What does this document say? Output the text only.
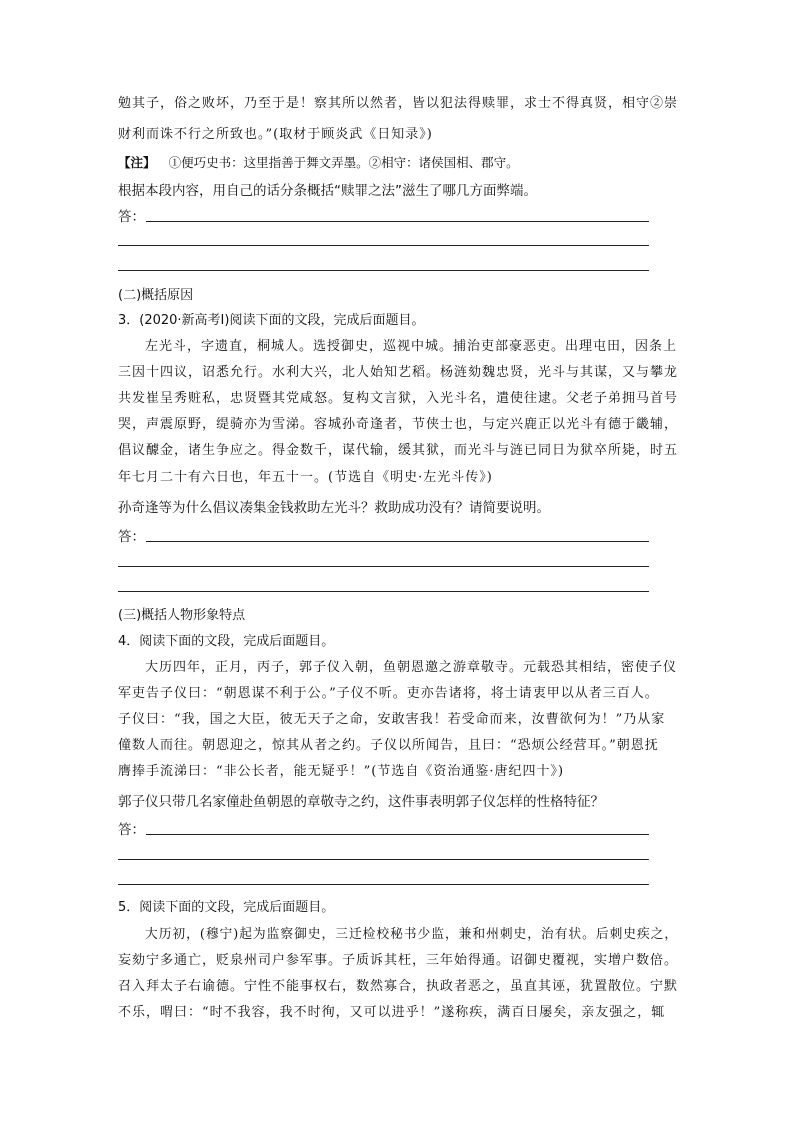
勉其子，俗之败坏，乃至于是！察其所以然者，皆以犯法得赎罪，求士不得真贤，相守②崇
财利而诛不行之所致也。”(取材于顾炎武《日知录》)
【注】 ①便巧史书：这里指善于舞文弄墨。②相守：诸侯国相、郡守。
根据本段内容，用自己的话分条概括“赎罪之法”滋生了哪几方面弊端。
答：
(二)概括原因
3．(2020·新高考Ⅰ)阅读下面的文段，完成后面题目。
左光斗，字遗直，桐城人。选授御史，巡视中城。捕治吏部豪恶吏。出理屯田，因条上
三因十四议，诏悉允行。水利大兴，北人始知艺稻。杨涟劾魏忠贤，光斗与其谋，又与攀龙
共发崔呈秀赃私，忠贤暨其党咸怒。复构文言狱，入光斗名，遣使往逮。父老子弟拥马首号
哭，声震原野，缇骑亦为雪涕。容城孙奇逢者，节侠士也，与定兴鹿正以光斗有德于畿辅，
倡议醵金，诸生争应之。得金数千，谋代输，缓其狱，而光斗与涟已同日为狱卒所毙，时五
年七月二十有六日也，年五十一。(节选自《明史·左光斗传》)
孙奇逢等为什么倡议凑集金钱救助左光斗？救助成功没有？请简要说明。
答：
(三)概括人物形象特点
4．阅读下面的文段，完成后面题目。
大历四年，正月，丙子，郭子仪入朝，鱼朝恩邀之游章敬寺。元载恐其相结，密使子仪
军吏告子仪曰：“朝恩谋不利于公。”子仪不听。吏亦告诸将，将士请衷甲以从者三百人。
子仪曰：“我，国之大臣，彼无天子之命，安敢害我！若受命而来，汝曹欲何为！”乃从家
僮数人而往。朝恩迎之，惊其从者之约。子仪以所闻告，且曰：“恐烦公经营耳。”朝恩抚
膺捧手流涕曰：“非公长者，能无疑乎！”(节选自《资治通鉴·唐纪四十》)
郭子仪只带几名家僮赴鱼朝恩的章敬寺之约，这件事表明郭子仪怎样的性格特征？
答：
5．阅读下面的文段，完成后面题目。
大历初，(穆宁)起为监察御史，三迁检校秘书少监，兼和州刺史，治有状。后刺史疾之，
妄劾宁多通亡，贬泉州司户参军事。子质诉其枉，三年始得通。诏御史覆视，实增户数倍。
召入拜太子右谕德。宁性不能事权右，数然寡合，执政者恶之，虽直其诬，犹置散位。宁默
不乐，喟曰：“时不我容，我不时徇，又可以进乎！”遂称疾，满百日屡矣，亲友强之，辄
